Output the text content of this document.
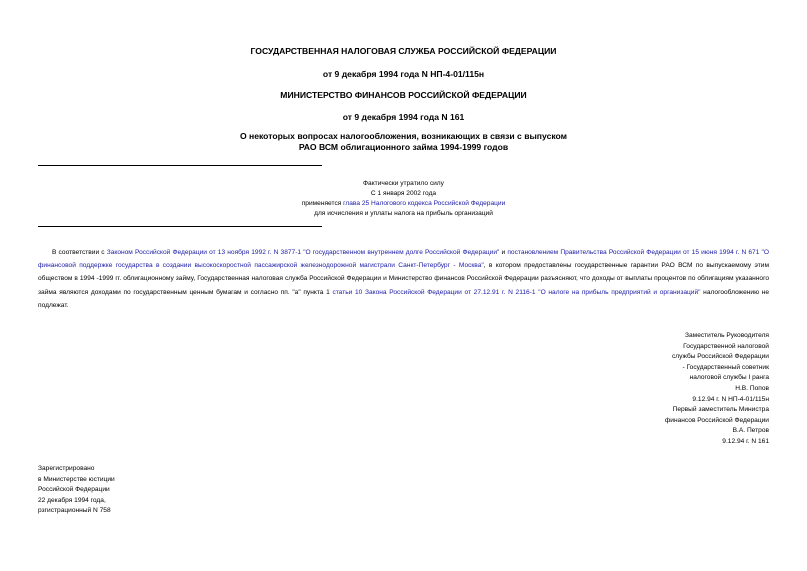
ГОСУДАРСТВЕННАЯ НАЛОГОВАЯ СЛУЖБА РОССИЙСКОЙ ФЕДЕРАЦИИ
от 9 декабря 1994 года N НП-4-01/115н
МИНИСТЕРСТВО ФИНАНСОВ РОССИЙСКОЙ ФЕДЕРАЦИИ
от 9 декабря 1994 года N 161
О некоторых вопросах налогообложения, возникающих в связи с выпуском
РАО ВСМ облигационного займа 1994-1999 годов
Фактически утратило силу
С 1 января 2002 года
применяется глава 25 Налогового кодекса Российской Федерации
для исчисления и уплаты налога на прибыль организаций
В соответствии с Законом Российской Федерации от 13 ноября 1992 г. N 3877-1 "О государственном внутреннем долге Российской Федерации" и постановлением Правительства Российской Федерации от 15 июня 1994 г. N 671 "О финансовой поддержке государства в создании высокоскоростной пассажирской железнодорожной магистрали Санкт-Петербург - Москва", в котором предоставлены государственные гарантии РАО ВСМ по выпускаемому этим обществом в 1994 -1999 гг. облигационному займу, Государственная налоговая служба Российской Федерации и Министерство финансов Российской Федерации разъясняют, что доходы от выплаты процентов по облигациям указанного займа являются доходами по государственным ценным бумагам и согласно пп. "а" пункта 1 статьи 10 Закона Российской Федерации от 27.12.91 г. N 2116-1 "О налоге на прибыль предприятий и организаций" налогообложению не подлежат.
Заместитель Руководителя
Государственной налоговой
службы Российской Федерации
- Государственный советник
налоговой службы I ранга
Н.В. Попов
9.12.94 г. N НП-4-01/115н
Первый заместитель Министра
финансов Российской Федерации
В.А. Петров
9.12.94 г. N 161
Зарегистрировано
в Министерстве юстиции
Российской Федерации
22 декабря 1994 года,
рзгистрационный N 758
